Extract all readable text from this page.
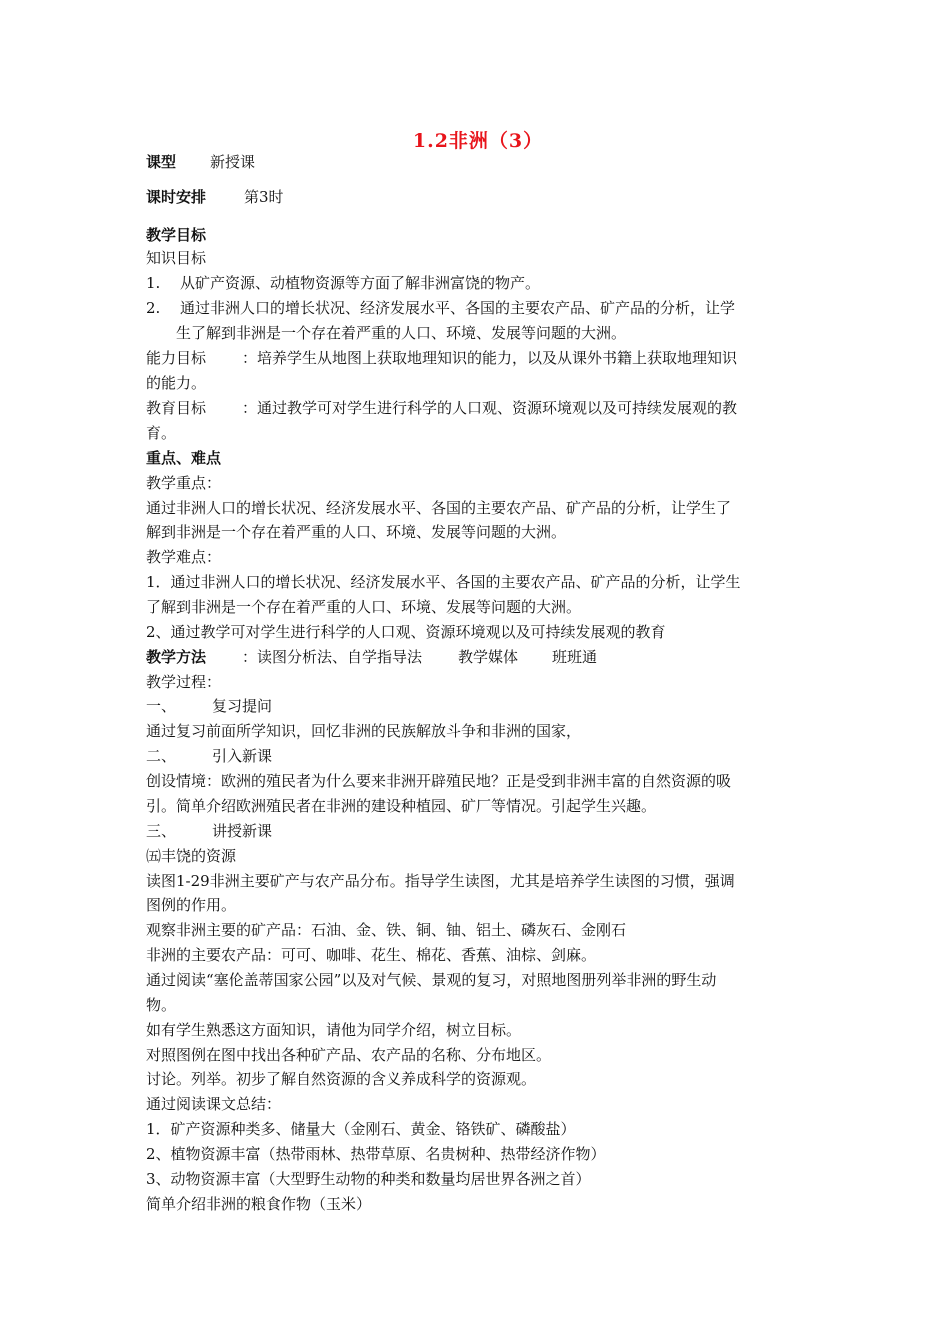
1.2非洲（3）
课型 新授课
课时安排	第3时
教学目标
知识目标
1. 从矿产资源、动植物资源等方面了解非洲富饶的物产。
2. 通过非洲人口的增长状况、经济发展水平、各国的主要农产品、矿产品的分析，让学
生了解到非洲是一个存在着严重的人口、环境、发展等问题的大洲。
能力目标 ：培养学生从地图上获取地理知识的能力，以及从课外书籍上获取地理知识
的能力。
教育目标 ：通过教学可对学生进行科学的人口观、资源环境观以及可持续发展观的教
育。
重点、难点
教学重点：
通过非洲人口的增长状况、经济发展水平、各国的主要农产品、矿产品的分析，让学生了
解到非洲是一个存在着严重的人口、环境、发展等问题的大洲。
教学难点：
1．通过非洲人口的增长状况、经济发展水平、各国的主要农产品、矿产品的分析，让学生
了解到非洲是一个存在着严重的人口、环境、发展等问题的大洲。
2、通过教学可对学生进行科学的人口观、资源环境观以及可持续发展观的教育
教学方法 ：读图分析法、自学指导法 教学媒体 班班通
教学过程：
一、 复习提问
通过复习前面所学知识，回忆非洲的民族解放斗争和非洲的国家，
二、 引入新课
创设情境：欧洲的殖民者为什么要来非洲开辟殖民地？正是受到非洲丰富的自然资源的吸
引。简单介绍欧洲殖民者在非洲的建设种植园、矿厂等情况。引起学生兴趣。
三、 讲授新课
㈤丰饶的资源
读图1-29非洲主要矿产与农产品分布。指导学生读图，尤其是培养学生读图的习惯，强调
图例的作用。
观察非洲主要的矿产品：石油、金、铁、铜、铀、铝土、磷灰石、金刚石
非洲的主要农产品：可可、咖啡、花生、棉花、香蕉、油棕、剑麻。
通过阅读“塞伦盖蒂国家公园”以及对气候、景观的复习，对照地图册列举非洲的野生动
物。
如有学生熟悉这方面知识，请他为同学介绍，树立目标。
对照图例在图中找出各种矿产品、农产品的名称、分布地区。
讨论。列举。初步了解自然资源的含义养成科学的资源观。
通过阅读课文总结：
1．矿产资源种类多、储量大（金刚石、黄金、铬铁矿、磷酸盐）
2、植物资源丰富（热带雨林、热带草原、名贵树种、热带经济作物）
3、动物资源丰富（大型野生动物的种类和数量均居世界各洲之首）
简单介绍非洲的粮食作物（玉米）
